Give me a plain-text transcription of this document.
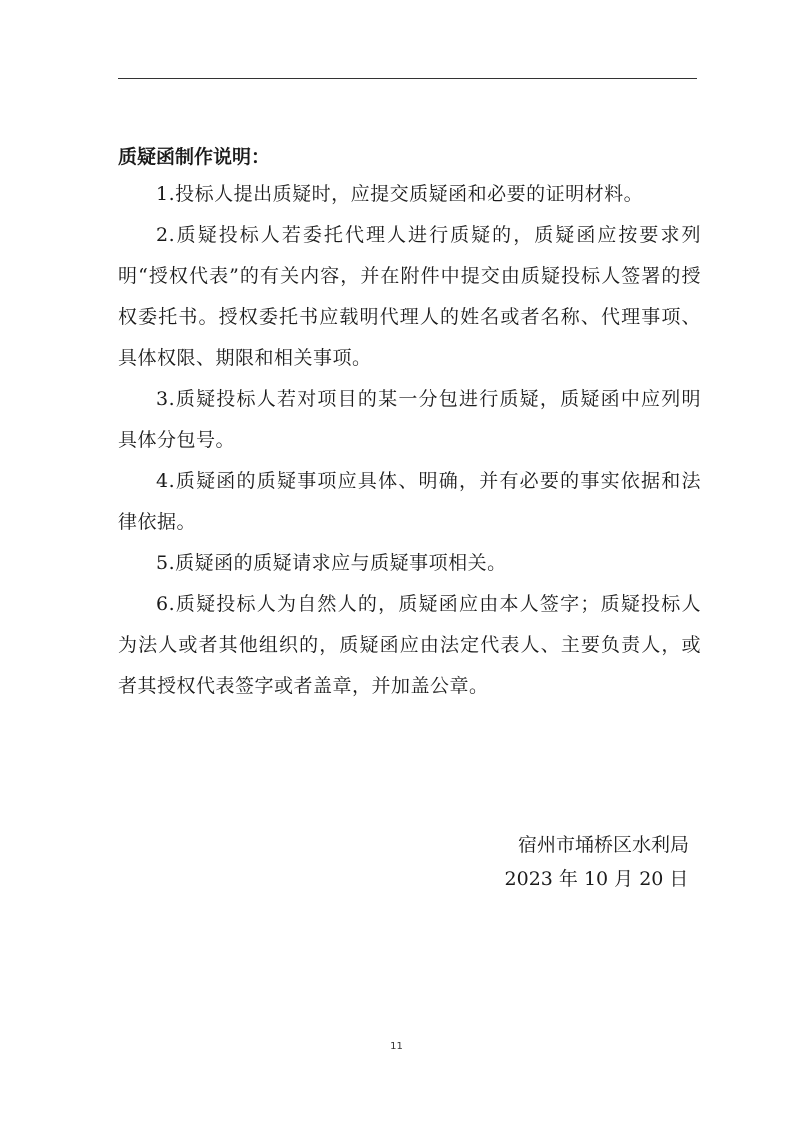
质疑函制作说明：

1.投标人提出质疑时，应提交质疑函和必要的证明材料。

2.质疑投标人若委托代理人进行质疑的，质疑函应按要求列明“授权代表”的有关内容，并在附件中提交由质疑投标人签署的授权委托书。授权委托书应载明代理人的姓名或者名称、代理事项、具体权限、期限和相关事项。

3.质疑投标人若对项目的某一分包进行质疑，质疑函中应列明具体分包号。

4.质疑函的质疑事项应具体、明确，并有必要的事实依据和法律依据。

5.质疑函的质疑请求应与质疑事项相关。

6.质疑投标人为自然人的，质疑函应由本人签字；质疑投标人为法人或者其他组织的，质疑函应由法定代表人、主要负责人，或者其授权代表签字或者盖章，并加盖公章。

宿州市埇桥区水利局
2023 年 10 月 20 日
11
